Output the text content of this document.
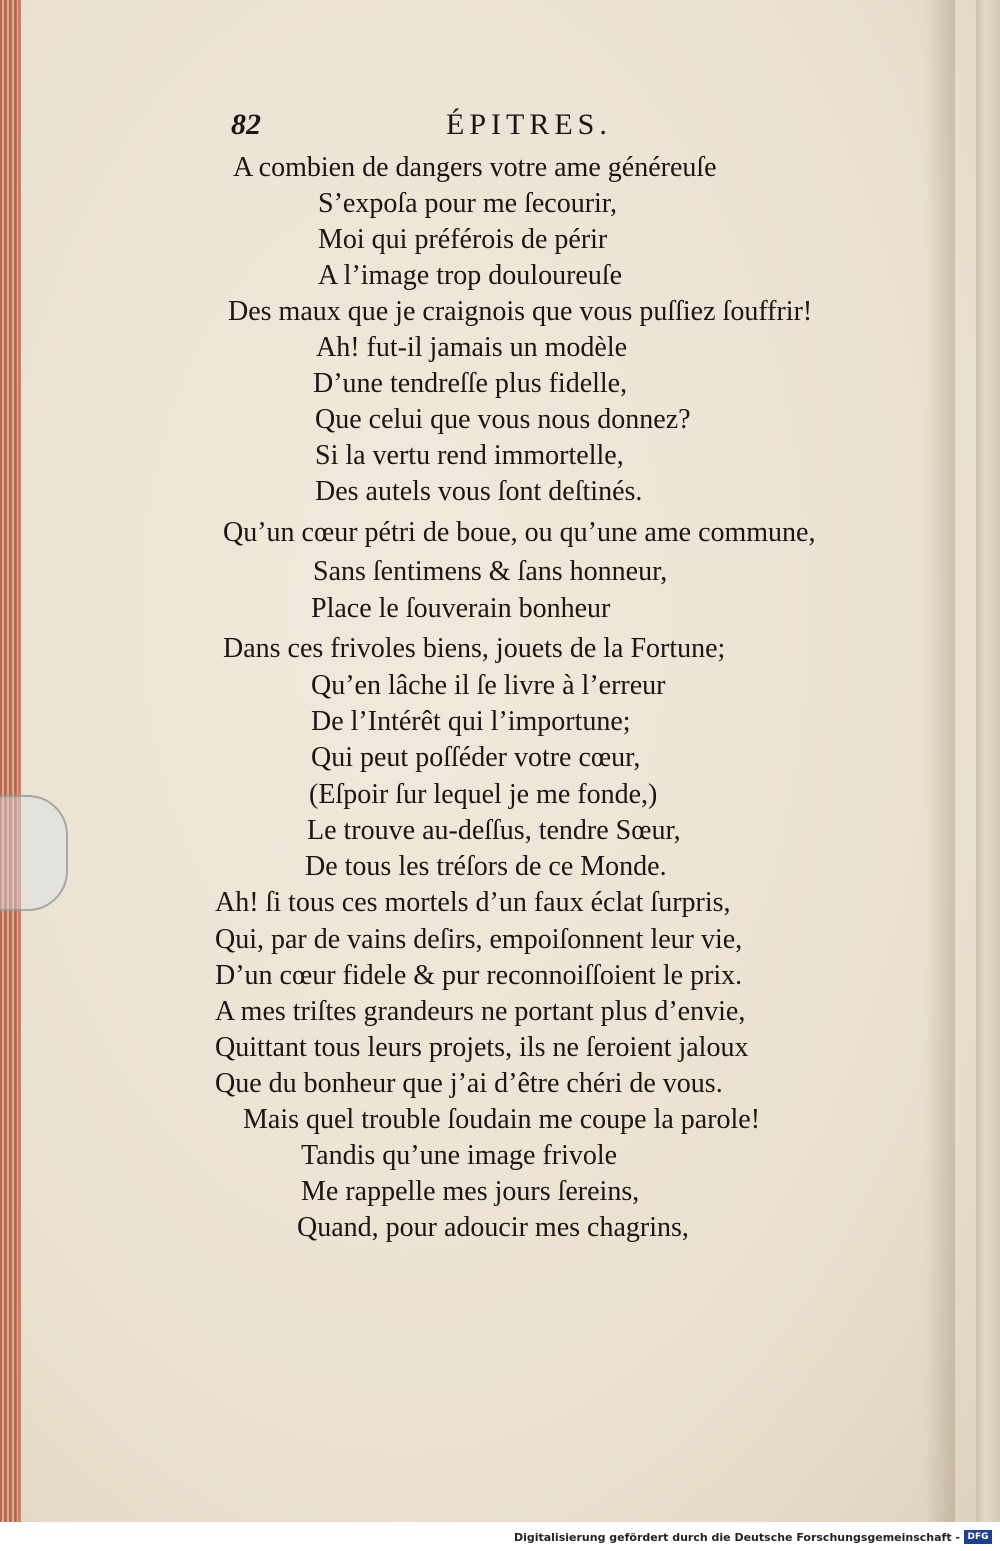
82	ÉPITRES.
A combien de dangers votre ame généreuſe
S’expoſa pour me ſecourir,
Moi qui préférois de périr
A l’image trop douloureuſe
Des maux que je craignois que vous puſſiez ſouffrir!
Ah! fut-il jamais un modèle
D’une tendreſſe plus fidelle,
Que celui que vous nous donnez?
Si la vertu rend immortelle,
Des autels vous ſont deſtinés.
Qu’un cœur pétri de boue, ou qu’une ame commune,
Sans ſentimens & ſans honneur,
Place le ſouverain bonheur
Dans ces frivoles biens, jouets de la Fortune;
Qu’en lâche il ſe livre à l’erreur
De l’Intérêt qui l’importune;
Qui peut poſſéder votre cœur,
(Eſpoir ſur lequel je me fonde,)
Le trouve au-deſſus, tendre Sœur,
De tous les tréſors de ce Monde.
Ah! ſi tous ces mortels d’un faux éclat ſurpris,
Qui, par de vains deſirs, empoiſonnent leur vie,
D’un cœur fidele & pur reconnoiſſoient le prix.
A mes triſtes grandeurs ne portant plus d’envie,
Quittant tous leurs projets, ils ne ſeroient jaloux
Que du bonheur que j’ai d’être chéri de vous.
Mais quel trouble ſoudain me coupe la parole!
Tandis qu’une image frivole
Me rappelle mes jours ſereins,
Quand, pour adoucir mes chagrins,
Digitalisierung gefördert durch die Deutsche Forschungsgemeinschaft - DFG
